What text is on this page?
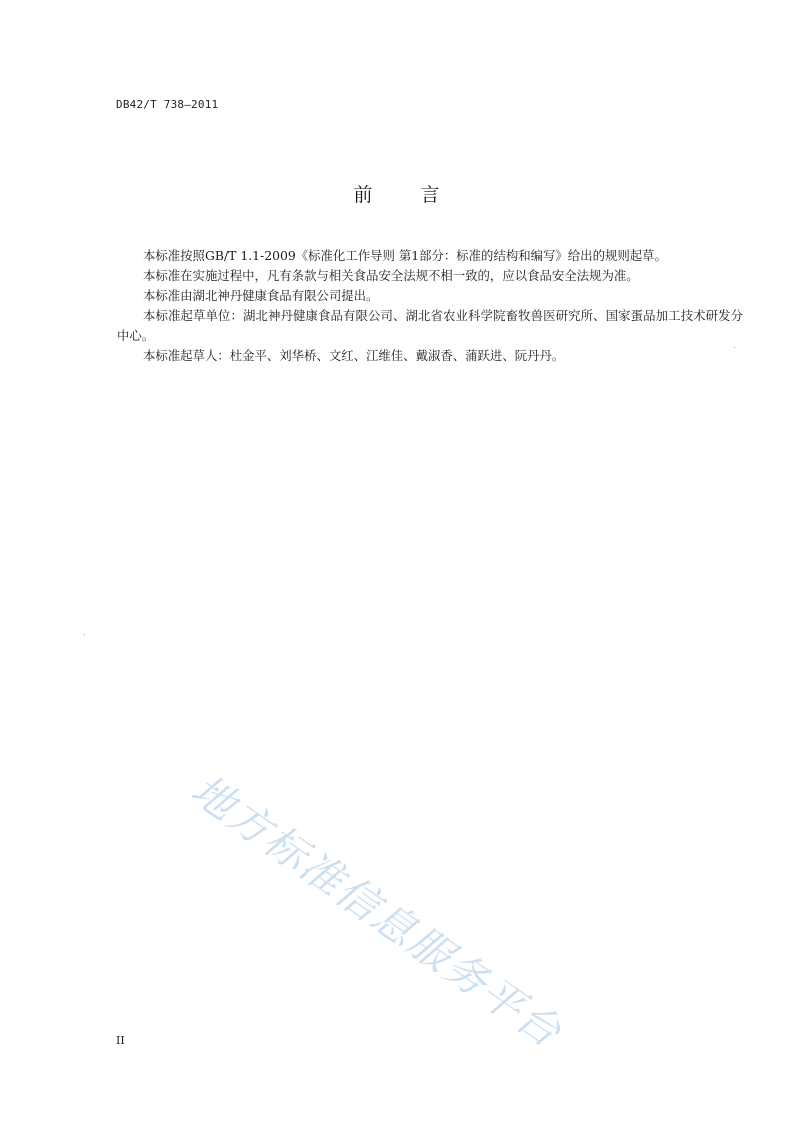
DB42/T 738—2011
前言

本标准按照GB/T 1.1-2009《标准化工作导则 第1部分：标准的结构和编写》给出的规则起草。

本标准在实施过程中，凡有条款与相关食品安全法规不相一致的，应以食品安全法规为准。

本标准由湖北神丹健康食品有限公司提出。

本标准起草单位：湖北神丹健康食品有限公司、湖北省农业科学院畜牧兽医研究所、国家蛋品加工技术研发分中心。

本标准起草人：杜金平、刘华桥、文红、江维佳、戴淑香、蒲跃进、阮丹丹。

地方标准信息服务平台
II
